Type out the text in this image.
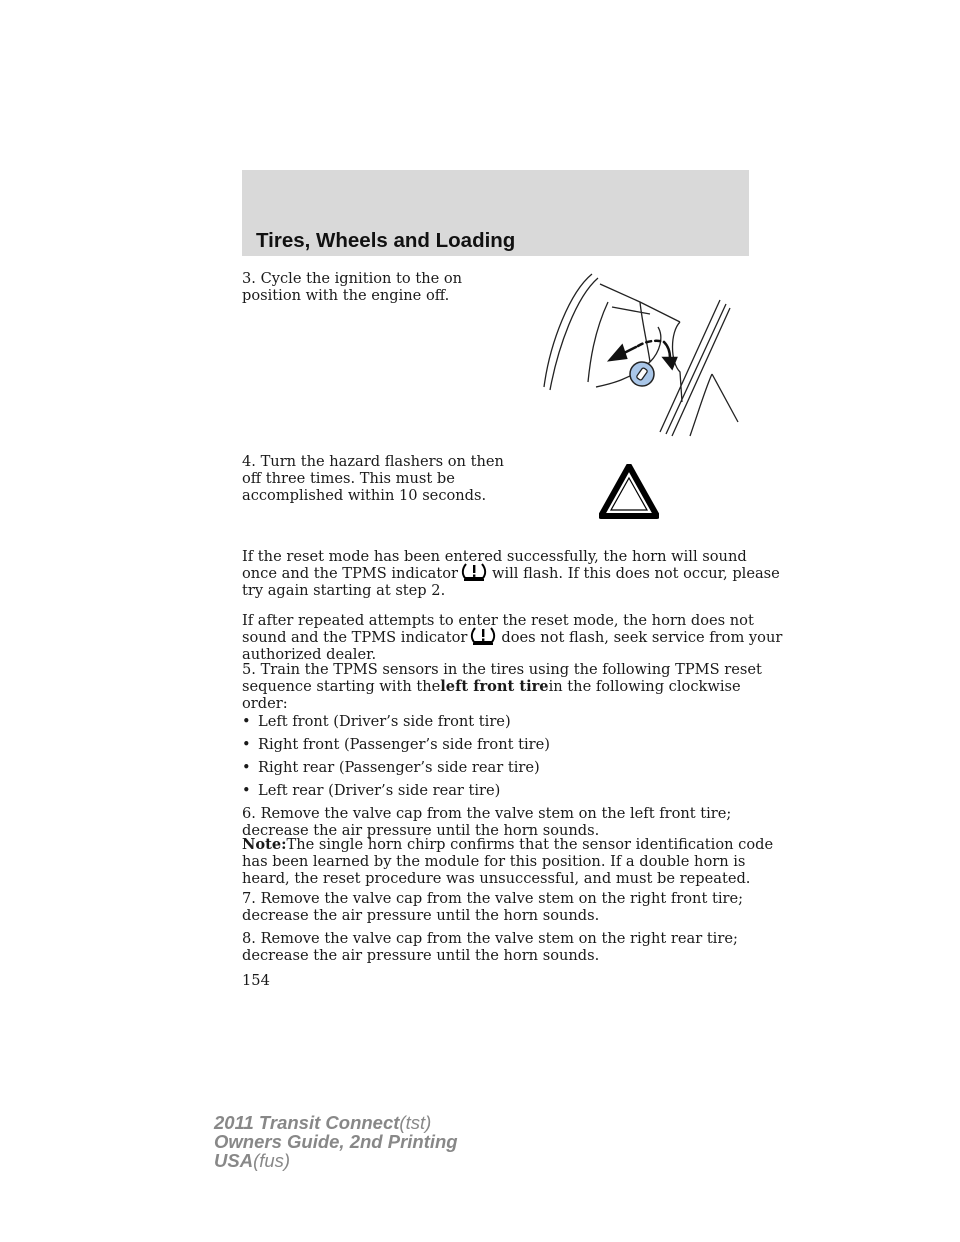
Tires, Wheels and Loading
3. Cycle the ignition to the on
position with the engine off.
4. Turn the hazard flashers on then
off three times. This must be
accomplished within 10 seconds.
If the reset mode has been entered successfully, the horn will sound
once and the TPMS indicator will flash. If this does not occur, please
try again starting at step 2.
If after repeated attempts to enter the reset mode, the horn does not
sound and the TPMS indicator does not flash, seek service from your
authorized dealer.
5. Train the TPMS sensors in the tires using the following TPMS reset
sequence starting with theleft front tirein the following clockwise
order:
• Left front (Driver’s side front tire)
• Right front (Passenger’s side front tire)
• Right rear (Passenger’s side rear tire)
• Left rear (Driver’s side rear tire)
6. Remove the valve cap from the valve stem on the left front tire;
decrease the air pressure until the horn sounds.
Note:The single horn chirp confirms that the sensor identification code
has been learned by the module for this position. If a double horn is
heard, the reset procedure was unsuccessful, and must be repeated.
7. Remove the valve cap from the valve stem on the right front tire;
decrease the air pressure until the horn sounds.
8. Remove the valve cap from the valve stem on the right rear tire;
decrease the air pressure until the horn sounds.
154
2011 Transit Connect(tst)
Owners Guide, 2nd Printing
USA(fus)
